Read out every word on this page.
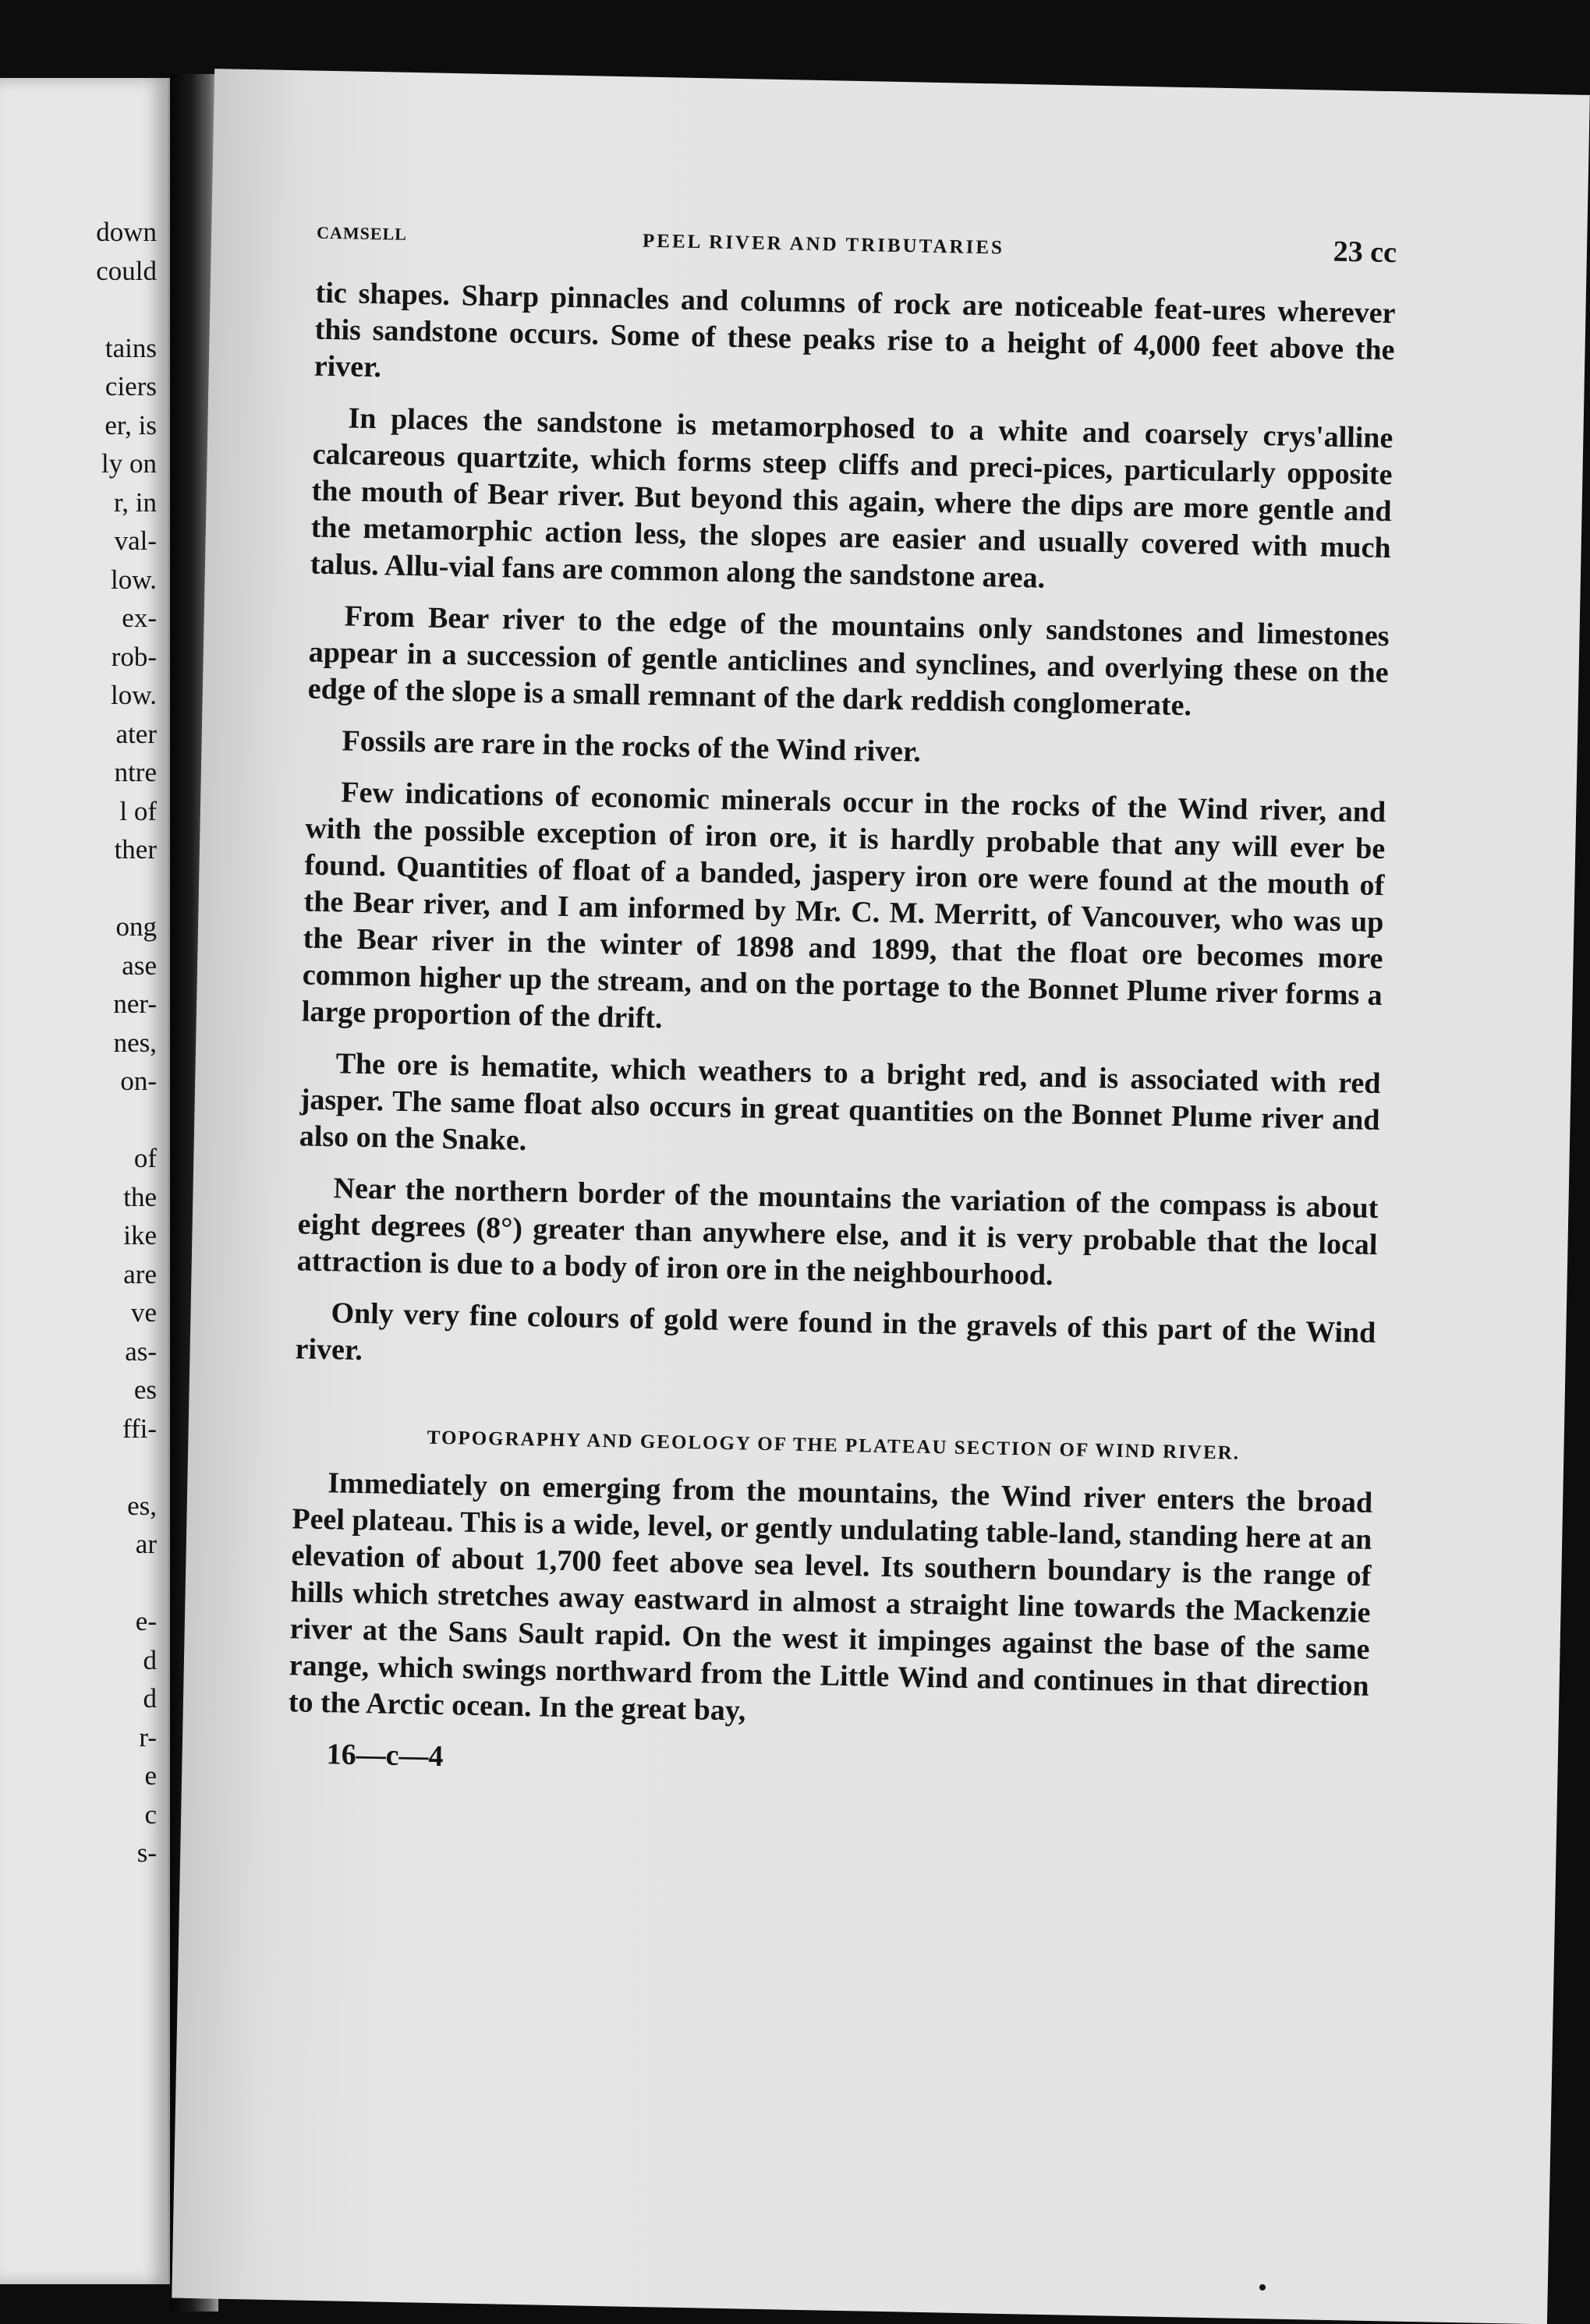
down
could
tains
ciers
er, is
ly on
r, in
val-
low.
ex-
rob-
low.
ater
ntre
l of
ther
ong
ase
ner-
nes,
on-
of
the
ike
are
ve
as-
es
ffi-
es,
ar
e-
d
d
r-
e
c
s-
CAMSELL	PEEL RIVER AND TRIBUTARIES	23 cc

tic shapes. Sharp pinnacles and columns of rock are noticeable feat-ures wherever this sandstone occurs. Some of these peaks rise to a height of 4,000 feet above the river.

In places the sandstone is metamorphosed to a white and coarsely crys'alline calcareous quartzite, which forms steep cliffs and preci-pices, particularly opposite the mouth of Bear river. But beyond this again, where the dips are more gentle and the metamorphic action less, the slopes are easier and usually covered with much talus. Allu-vial fans are common along the sandstone area.

From Bear river to the edge of the mountains only sandstones and limestones appear in a succession of gentle anticlines and synclines, and overlying these on the edge of the slope is a small remnant of the dark reddish conglomerate.

Fossils are rare in the rocks of the Wind river.

Few indications of economic minerals occur in the rocks of the Wind river, and with the possible exception of iron ore, it is hardly probable that any will ever be found. Quantities of float of a banded, jaspery iron ore were found at the mouth of the Bear river, and I am informed by Mr. C. M. Merritt, of Vancouver, who was up the Bear river in the winter of 1898 and 1899, that the float ore becomes more common higher up the stream, and on the portage to the Bonnet Plume river forms a large proportion of the drift.

The ore is hematite, which weathers to a bright red, and is associated with red jasper. The same float also occurs in great quantities on the Bonnet Plume river and also on the Snake.

Near the northern border of the mountains the variation of the compass is about eight degrees (8°) greater than anywhere else, and it is very probable that the local attraction is due to a body of iron ore in the neighbourhood.

Only very fine colours of gold were found in the gravels of this part of the Wind river.

TOPOGRAPHY AND GEOLOGY OF THE PLATEAU SECTION OF WIND RIVER.

Immediately on emerging from the mountains, the Wind river enters the broad Peel plateau. This is a wide, level, or gently undulating table-land, standing here at an elevation of about 1,700 feet above sea level. Its southern boundary is the range of hills which stretches away eastward in almost a straight line towards the Mackenzie river at the Sans Sault rapid. On the west it impinges against the base of the same range, which swings northward from the Little Wind and continues in that direction to the Arctic ocean. In the great bay,

16—c—4
